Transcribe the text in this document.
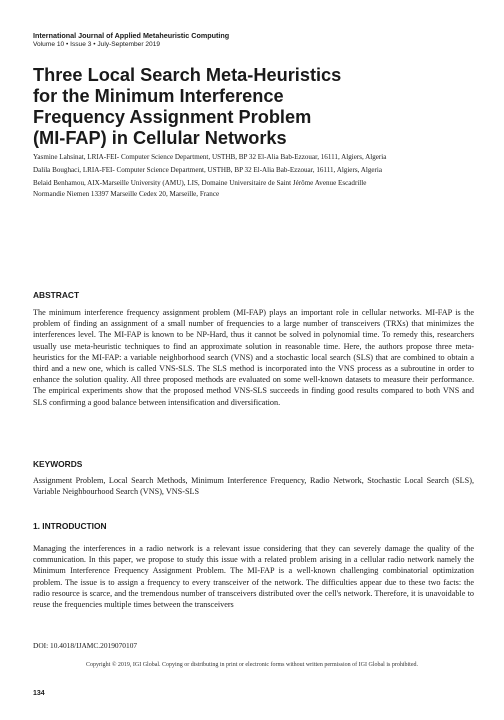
International Journal of Applied Metaheuristic Computing
Volume 10 • Issue 3 • July-September 2019
Three Local Search Meta-Heuristics
for the Minimum Interference
Frequency Assignment Problem
(MI-FAP) in Cellular Networks
Yasmine Lahsinat, LRIA-FEI- Computer Science Department, USTHB, BP 32 El-Alia Bab-Ezzouar, 16111, Algiers, Algeria
Dalila Boughaci, LRIA-FEI- Computer Science Department, USTHB, BP 32 El-Alia Bab-Ezzouar, 16111, Algiers, Algeria
Belaid Benhamou, AIX-Marseille University (AMU), LIS, Domaine Universitaire de Saint Jérôme Avenue Escadrille
Normandie Niemen 13397 Marseille Cedex 20, Marseille, France
ABSTRACT

The minimum interference frequency assignment problem (MI-FAP) plays an important role in cellular networks. MI-FAP is the problem of finding an assignment of a small number of frequencies to a large number of transceivers (TRXs) that minimizes the interferences level. The MI-FAP is known to be NP-Hard, thus it cannot be solved in polynomial time. To remedy this, researchers usually use meta-heuristic techniques to find an approximate solution in reasonable time. Here, the authors propose three meta-heuristics for the MI-FAP: a variable neighborhood search (VNS) and a stochastic local search (SLS) that are combined to obtain a third and a new one, which is called VNS-SLS. The SLS method is incorporated into the VNS process as a subroutine in order to enhance the solution quality. All three proposed methods are evaluated on some well-known datasets to measure their performance. The empirical experiments show that the proposed method VNS-SLS succeeds in finding good results compared to both VNS and SLS confirming a good balance between intensification and diversification.

KEYWORDS

Assignment Problem, Local Search Methods, Minimum Interference Frequency, Radio Network, Stochastic Local Search (SLS), Variable Neighbourhood Search (VNS), VNS-SLS

1. INTRODUCTION

Managing the interferences in a radio network is a relevant issue considering that they can severely damage the quality of the communication. In this paper, we propose to study this issue with a related problem arising in a cellular radio network namely the Minimum Interference Frequency Assignment Problem. The MI-FAP is a well-known challenging combinatorial optimization problem. The issue is to assign a frequency to every transceiver of the network. The difficulties appear due to these two facts: the radio resource is scarce, and the tremendous number of transceivers distributed over the cell's network. Therefore, it is unavoidable to reuse the frequencies multiple times between the transceivers

DOI: 10.4018/IJAMC.2019070107
Copyright © 2019, IGI Global. Copying or distributing in print or electronic forms without written permission of IGI Global is prohibited.
134
